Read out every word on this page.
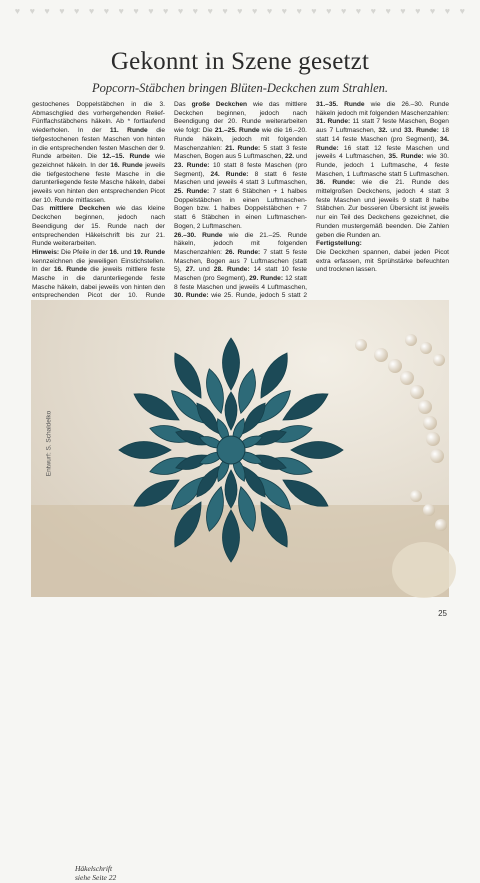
♥ ♥ ♥ ♥ ♥ ♥ ♥ ♥ ♥ ♥ ♥ ♥ ♥ ♥ ♥ ♥ ♥ ♥ ♥ ♥ ♥ ♥ ♥ ♥ ♥ ♥ ♥ ♥ ♥ ♥ ♥
Gekonnt in Szene gesetzt
Popcorn-Stäbchen bringen Blüten-Deckchen zum Strahlen.

gestochenes Doppelstäbchen in die 3. Abmaschglied des vorhergehenden Relief-Fünffachstäbchens häkeln. Ab * fortlaufend wiederholen. In der 11. Runde die tiefgestochenen festen Maschen von hinten in die entsprechenden festen Maschen der 9. Runde arbeiten. Die 12.–15. Runde wie gezeichnet häkeln. In der 16. Runde jeweils die tiefgestochene feste Masche in die darunterliegende feste Masche häkeln, dabei jeweils von hinten den entsprechenden Picot der 10. Runde mitfassen.

Das mittlere Deckchen wie das kleine Deckchen beginnen, jedoch nach Beendigung der 15. Runde nach der entsprechenden Häkelschrift bis zur 21. Runde weiterarbeiten.

Hinweis: Die Pfeile in der 16. und 19. Runde kennzeichnen die jeweiligen Einstichstellen. In der 16. Runde die jeweils mittlere feste Masche in die darunterliegende feste Masche häkeln, dabei jeweils von hinten den entsprechenden Picot der 10. Runde

Das große Deckchen wie das mittlere Deckchen beginnen, jedoch nach Beendigung der 20. Runde weiterarbeiten wie folgt: Die 21.–25. Runde wie die 16.–20. Runde häkeln, jedoch mit folgenden Maschenzahlen: 21. Runde: 5 statt 3 feste Maschen, Bogen aus 5 Luftmaschen, 22. und 23. Runde: 10 statt 8 feste Maschen (pro Segment), 24. Runde: 8 statt 6 feste Maschen und jeweils 4 statt 3 Luftmaschen, 25. Runde: 7 statt 6 Stäbchen + 1 halbes Doppelstäbchen in einen Luftmaschen-Bogen bzw. 1 halbes Doppelstäbchen + 7 statt 6 Stäbchen in einen Luftmaschen-Bogen, 2 Luftmaschen.

26.–30. Runde wie die 21.–25. Runde häkeln, jedoch mit folgenden Maschenzahlen: 26. Runde: 7 statt 5 feste Maschen, Bogen aus 7 Luftmaschen (statt 5), 27. und 28. Runde: 14 statt 10 feste Maschen (pro Segment), 29. Runde: 12 statt 8 feste Maschen und jeweils 4 Luftmaschen, 30. Runde: wie 25. Runde, jedoch 5 statt 2

31.–35. Runde wie die 26.–30. Runde häkeln jedoch mit folgenden Maschenzahlen: 31. Runde: 11 statt 7 feste Maschen, Bogen aus 7 Luftmaschen, 32. und 33. Runde: 18 statt 14 feste Maschen (pro Segment), 34. Runde: 16 statt 12 feste Maschen und jeweils 4 Luftmaschen, 35. Runde: wie 30. Runde, jedoch 1 Luftmasche, 4 feste Maschen, 1 Luftmasche statt 5 Luftmaschen. 36. Runde: wie die 21. Runde des mittelgroßen Deckchens, jedoch 4 statt 3 feste Maschen und jeweils 9 statt 8 halbe Stäbchen. Zur besseren Übersicht ist jeweils nur ein Teil des Deckchens gezeichnet, die Runden mustergemäß beenden. Die Zahlen geben die Runden an.

Fertigstellung:

Die Deckchen spannen, dabei jeden Picot extra erfassen, mit Sprühstärke befeuchten und trocknen lassen.

Entwurf: S. Schaldelko
Häkelschrift
siehe Seite 22
25
